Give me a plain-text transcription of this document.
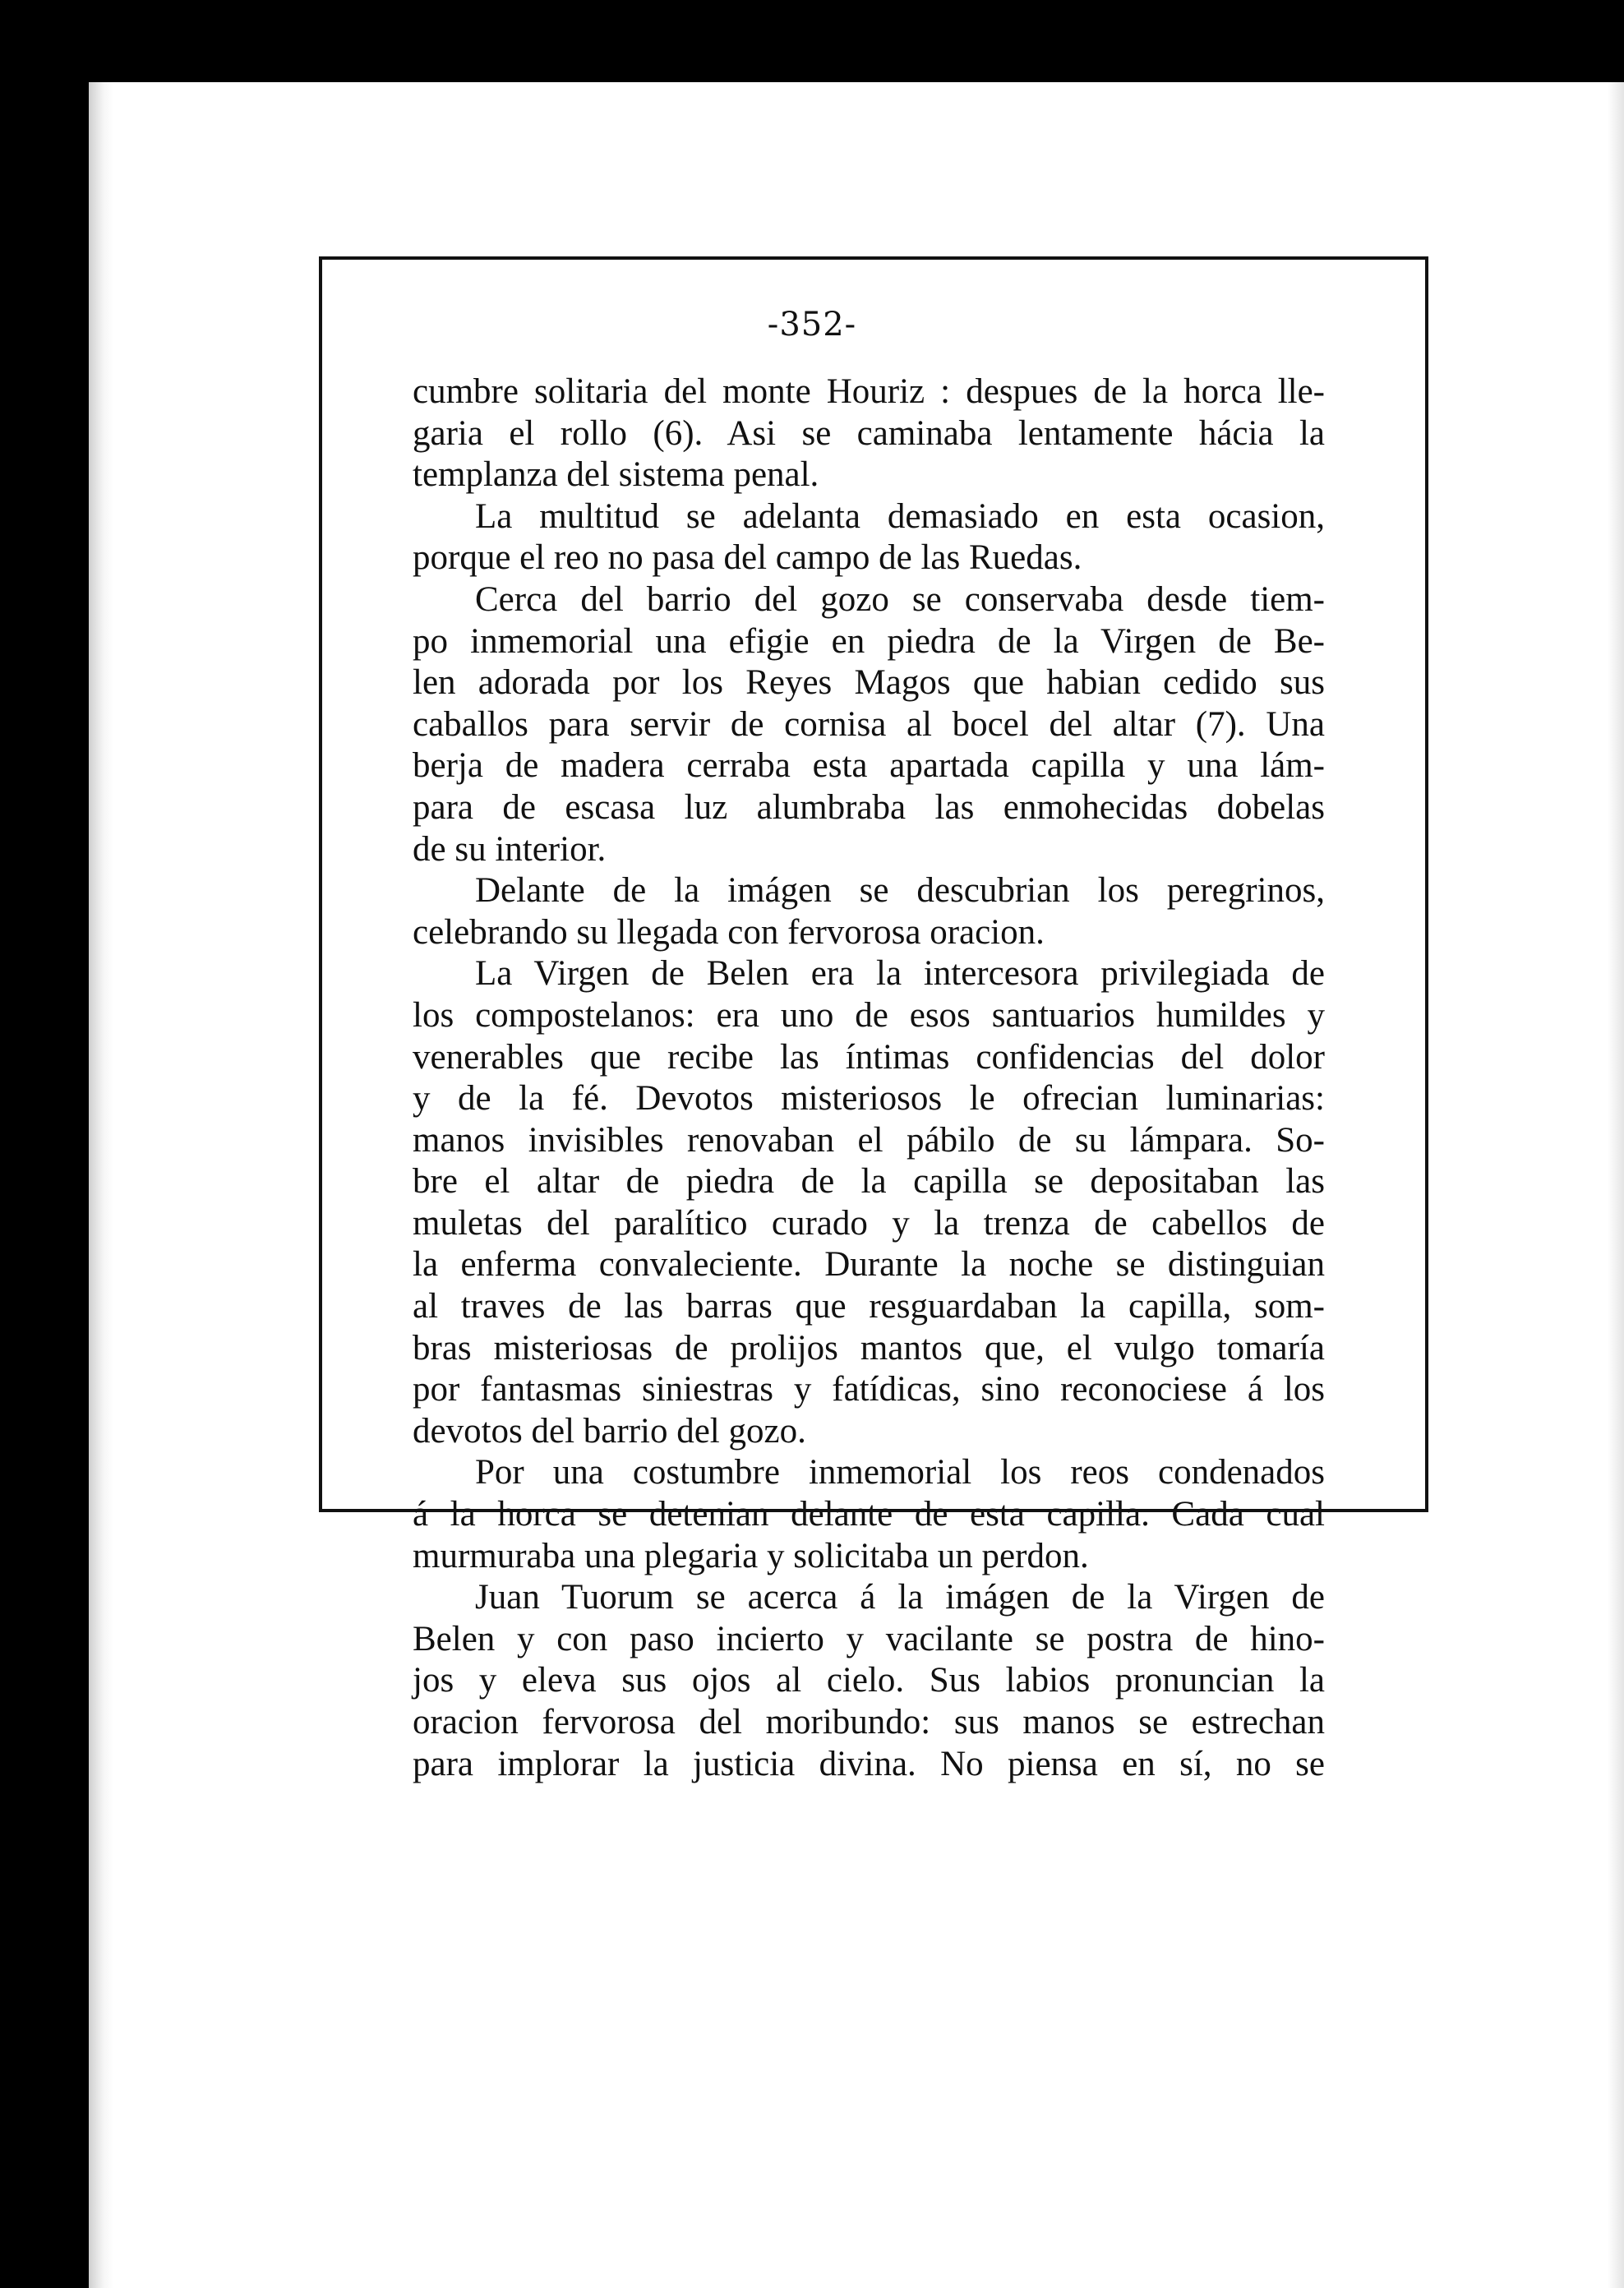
-352-
cumbre solitaria del monte Houriz : despues de la horca lle-
garia el rollo (6). Asi se caminaba lentamente hácia la
templanza del sistema penal.
La multitud se adelanta demasiado en esta ocasion,
porque el reo no pasa del campo de las Ruedas.
Cerca del barrio del gozo se conservaba desde tiem-
po inmemorial una efigie en piedra de la Virgen de Be-
len adorada por los Reyes Magos que habian cedido sus
caballos para servir de cornisa al bocel del altar (7). Una
berja de madera cerraba esta apartada capilla y una lám-
para de escasa luz alumbraba las enmohecidas dobelas
de su interior.
Delante de la imágen se descubrian los peregrinos,
celebrando su llegada con fervorosa oracion.
La Virgen de Belen era la intercesora privilegiada de
los compostelanos: era uno de esos santuarios humildes y
venerables que recibe las íntimas confidencias del dolor
y de la fé. Devotos misteriosos le ofrecian luminarias:
manos invisibles renovaban el pábilo de su lámpara. So-
bre el altar de piedra de la capilla se depositaban las
muletas del paralítico curado y la trenza de cabellos de
la enferma convaleciente. Durante la noche se distinguian
al traves de las barras que resguardaban la capilla, som-
bras misteriosas de prolijos mantos que, el vulgo tomaría
por fantasmas siniestras y fatídicas, sino reconociese á los
devotos del barrio del gozo.
Por una costumbre inmemorial los reos condenados
á la horca se detenian delante de esta capilla. Cada cual
murmuraba una plegaria y solicitaba un perdon.
Juan Tuorum se acerca á la imágen de la Virgen de
Belen y con paso incierto y vacilante se postra de hino-
jos y eleva sus ojos al cielo. Sus labios pronuncian la
oracion fervorosa del moribundo: sus manos se estrechan
para implorar la justicia divina. No piensa en sí, no se
